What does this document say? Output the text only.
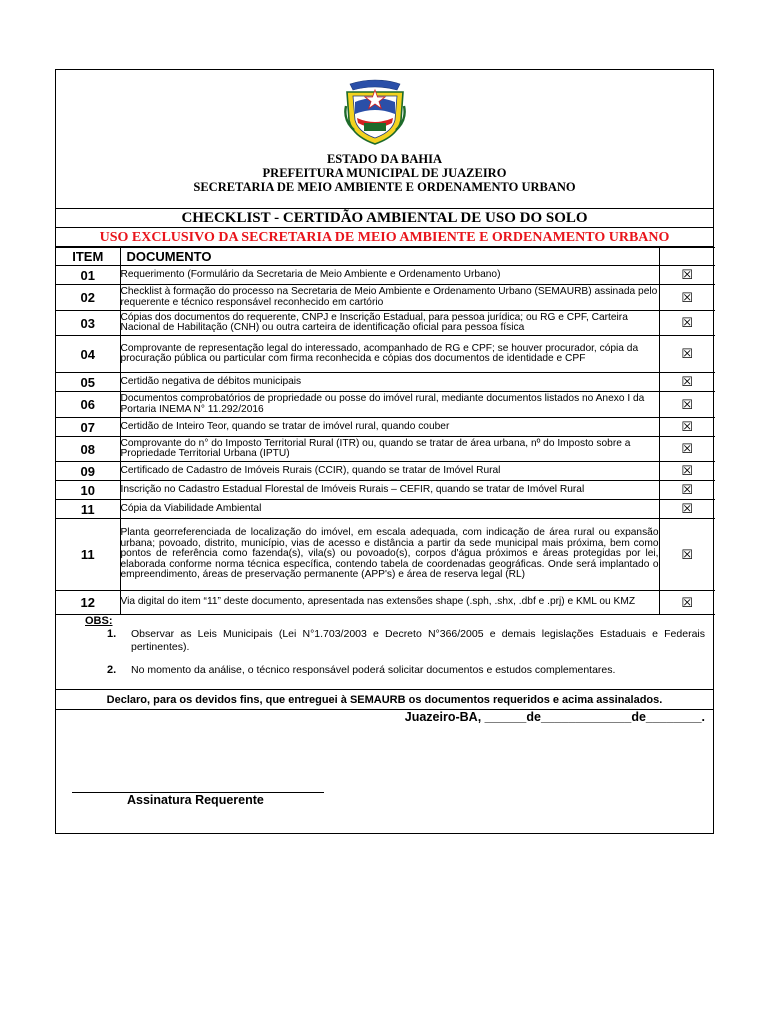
ESTADO DA BAHIA
PREFEITURA MUNICIPAL DE JUAZEIRO
SECRETARIA DE MEIO AMBIENTE E ORDENAMENTO URBANO
CHECKLIST - CERTIDÃO AMBIENTAL DE USO DO SOLO
USO EXCLUSIVO DA SECRETARIA DE MEIO AMBIENTE E ORDENAMENTO URBANO
ITEM	DOCUMENTO	
01	Requerimento (Formulário da Secretaria de Meio Ambiente e Ordenamento Urbano)	☒
02	Checklist à formação do processo na Secretaria de Meio Ambiente e Ordenamento Urbano (SEMAURB) assinada pelo requerente e técnico responsável reconhecido em cartório	☒
03	Cópias dos documentos do requerente, CNPJ e Inscrição Estadual, para pessoa jurídica; ou RG e CPF, Carteira Nacional de Habilitação (CNH) ou outra carteira de identificação oficial para pessoa física	☒
04	Comprovante de representação legal do interessado, acompanhado de RG e CPF; se houver procurador, cópia da procuração pública ou particular com firma reconhecida e cópias dos documentos de identidade e CPF	☒
05	Certidão negativa de débitos municipais	☒
06	Documentos comprobatórios de propriedade ou posse do imóvel rural, mediante documentos listados no Anexo I da Portaria INEMA N° 11.292/2016	☒
07	Certidão de Inteiro Teor, quando se tratar de imóvel rural, quando couber	☒
08	Comprovante do n° do Imposto Territorial Rural (ITR) ou, quando se tratar de área urbana, nº do Imposto sobre a Propriedade Territorial Urbana (IPTU)	☒
09	Certificado de Cadastro de Imóveis Rurais (CCIR), quando se tratar de Imóvel Rural	☒
10	Inscrição no Cadastro Estadual Florestal de Imóveis Rurais – CEFIR, quando se tratar de Imóvel Rural	☒
11	Cópia da Viabilidade Ambiental	☒
11	Planta georreferenciada de localização do imóvel, em escala adequada, com indicação de área rural ou expansão urbana; povoado, distrito, município, vias de acesso e distância a partir da sede municipal mais próxima, bem como pontos de referência como fazenda(s), vila(s) ou povoado(s), corpos d'água próximos e áreas protegidas por lei, elaborada conforme norma técnica específica, contendo tabela de coordenadas geográficas. Onde será implantado o empreendimento, áreas de preservação permanente (APP's) e área de reserva legal (RL)	☒
12	Via digital do item “11” deste documento, apresentada nas extensões shape (.sph, .shx, .dbf e .prj) e KML ou KMZ	☒
OBS:
1. Observar as Leis Municipais (Lei N°1.703/2003 e Decreto N°366/2005 e demais legislações Estaduais e Federais pertinentes).
2. No momento da análise, o técnico responsável poderá solicitar documentos e estudos complementares.
Declaro, para os devidos fins, que entreguei à SEMAURB os documentos requeridos e acima assinalados.
Juazeiro-BA, ______de_____________de________.
Assinatura Requerente
